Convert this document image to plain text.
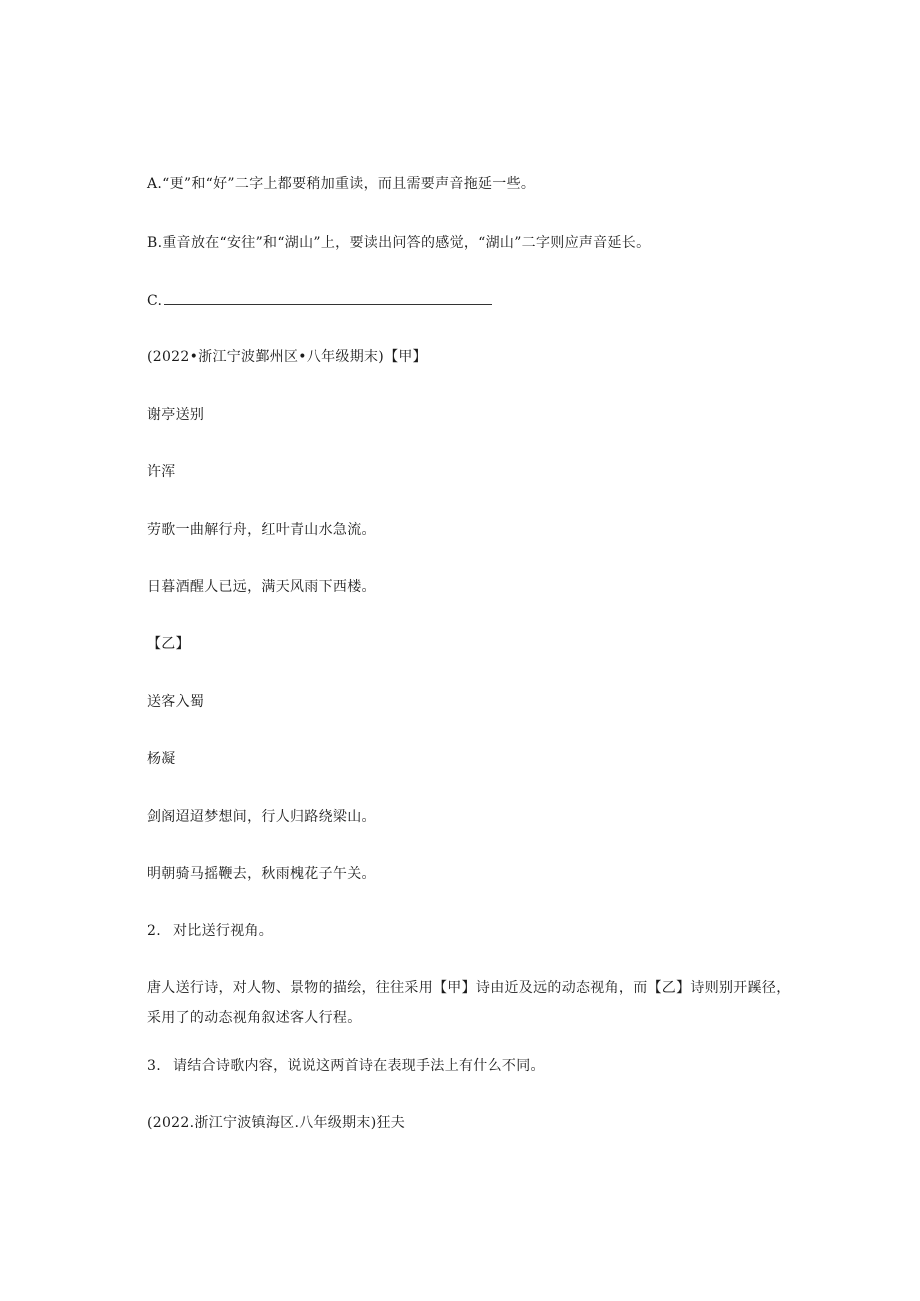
A.“更”和“好”二字上都要稍加重读，而且需要声音拖延一些。
B.重音放在“安往”和“湖山”上，要读出问答的感觉，“湖山”二字则应声音延长。
C.
(2022•浙江宁波鄞州区•八年级期末)【甲】
谢亭送别
许浑
劳歌一曲解行舟，红叶青山水急流。
日暮酒醒人已远，满天风雨下西楼。
【乙】
送客入蜀
杨凝
剑阁迢迢梦想间，行人归路绕梁山。
明朝骑马摇鞭去，秋雨槐花子午关。
2. 对比送行视角。
唐人送行诗，对人物、景物的描绘，往往采用【甲】诗由近及远的动态视角，而【乙】诗则别开蹊径，采用了的动态视角叙述客人行程。
3. 请结合诗歌内容，说说这两首诗在表现手法上有什么不同。
(2022.浙江宁波镇海区.八年级期末)狂夫
